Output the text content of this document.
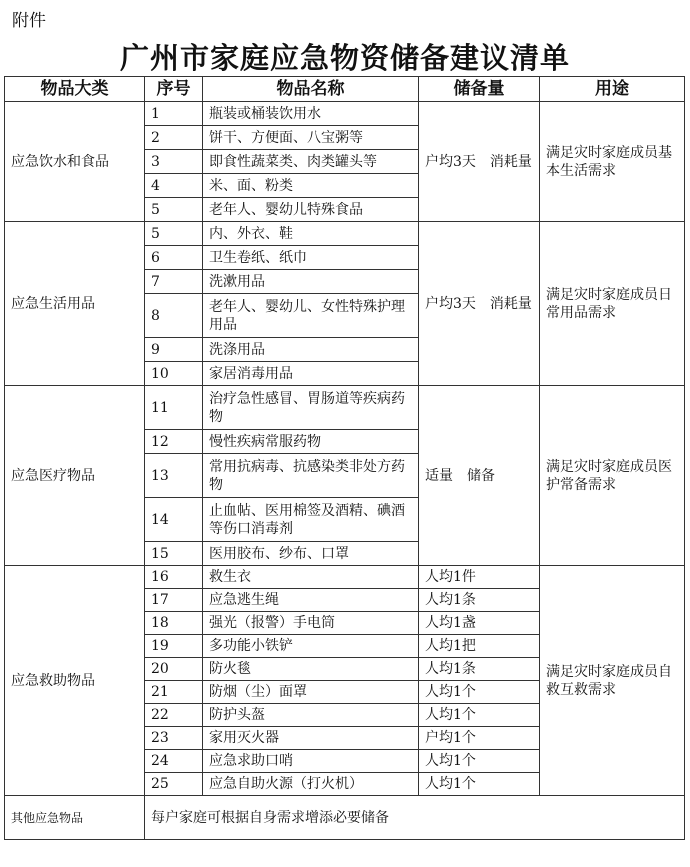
附件
广州市家庭应急物资储备建议清单
物品大类	序号	物品名称	储备量	用途
应急饮水和食品	1	瓶装或桶装饮用水	户均3天　消耗量	满足灾时家庭成员基本生活需求
	2	饼干、方便面、八宝粥等		
	3	即食性蔬菜类、肉类罐头等		
	4	米、面、粉类		
	5	老年人、婴幼儿特殊食品		
应急生活用品	5	内、外衣、鞋	户均3天　消耗量	满足灾时家庭成员日常用品需求
	6	卫生卷纸、纸巾		
	7	洗漱用品		
	8	老年人、婴幼儿、女性特殊护理用品		
	9	洗涤用品		
	10	家居消毒用品		
应急医疗物品	11	治疗急性感冒、胃肠道等疾病药物	适量　储备	满足灾时家庭成员医护常备需求
	12	慢性疾病常服药物		
	13	常用抗病毒、抗感染类非处方药物		
	14	止血帖、医用棉签及酒精、碘酒等伤口消毒剂		
	15	医用胶布、纱布、口罩		
应急救助物品	16	救生衣	人均1件	满足灾时家庭成员自救互救需求
	17	应急逃生绳	人均1条	
	18	强光（报警）手电筒	人均1盏	
	19	多功能小铁铲	人均1把	
	20	防火毯	人均1条	
	21	防烟（尘）面罩	人均1个	
	22	防护头盔	人均1个	
	23	家用灭火器	户均1个	
	24	应急求助口哨	人均1个	
	25	应急自助火源（打火机）	人均1个	
其他应急物品	每户家庭可根据自身需求增添必要储备			
